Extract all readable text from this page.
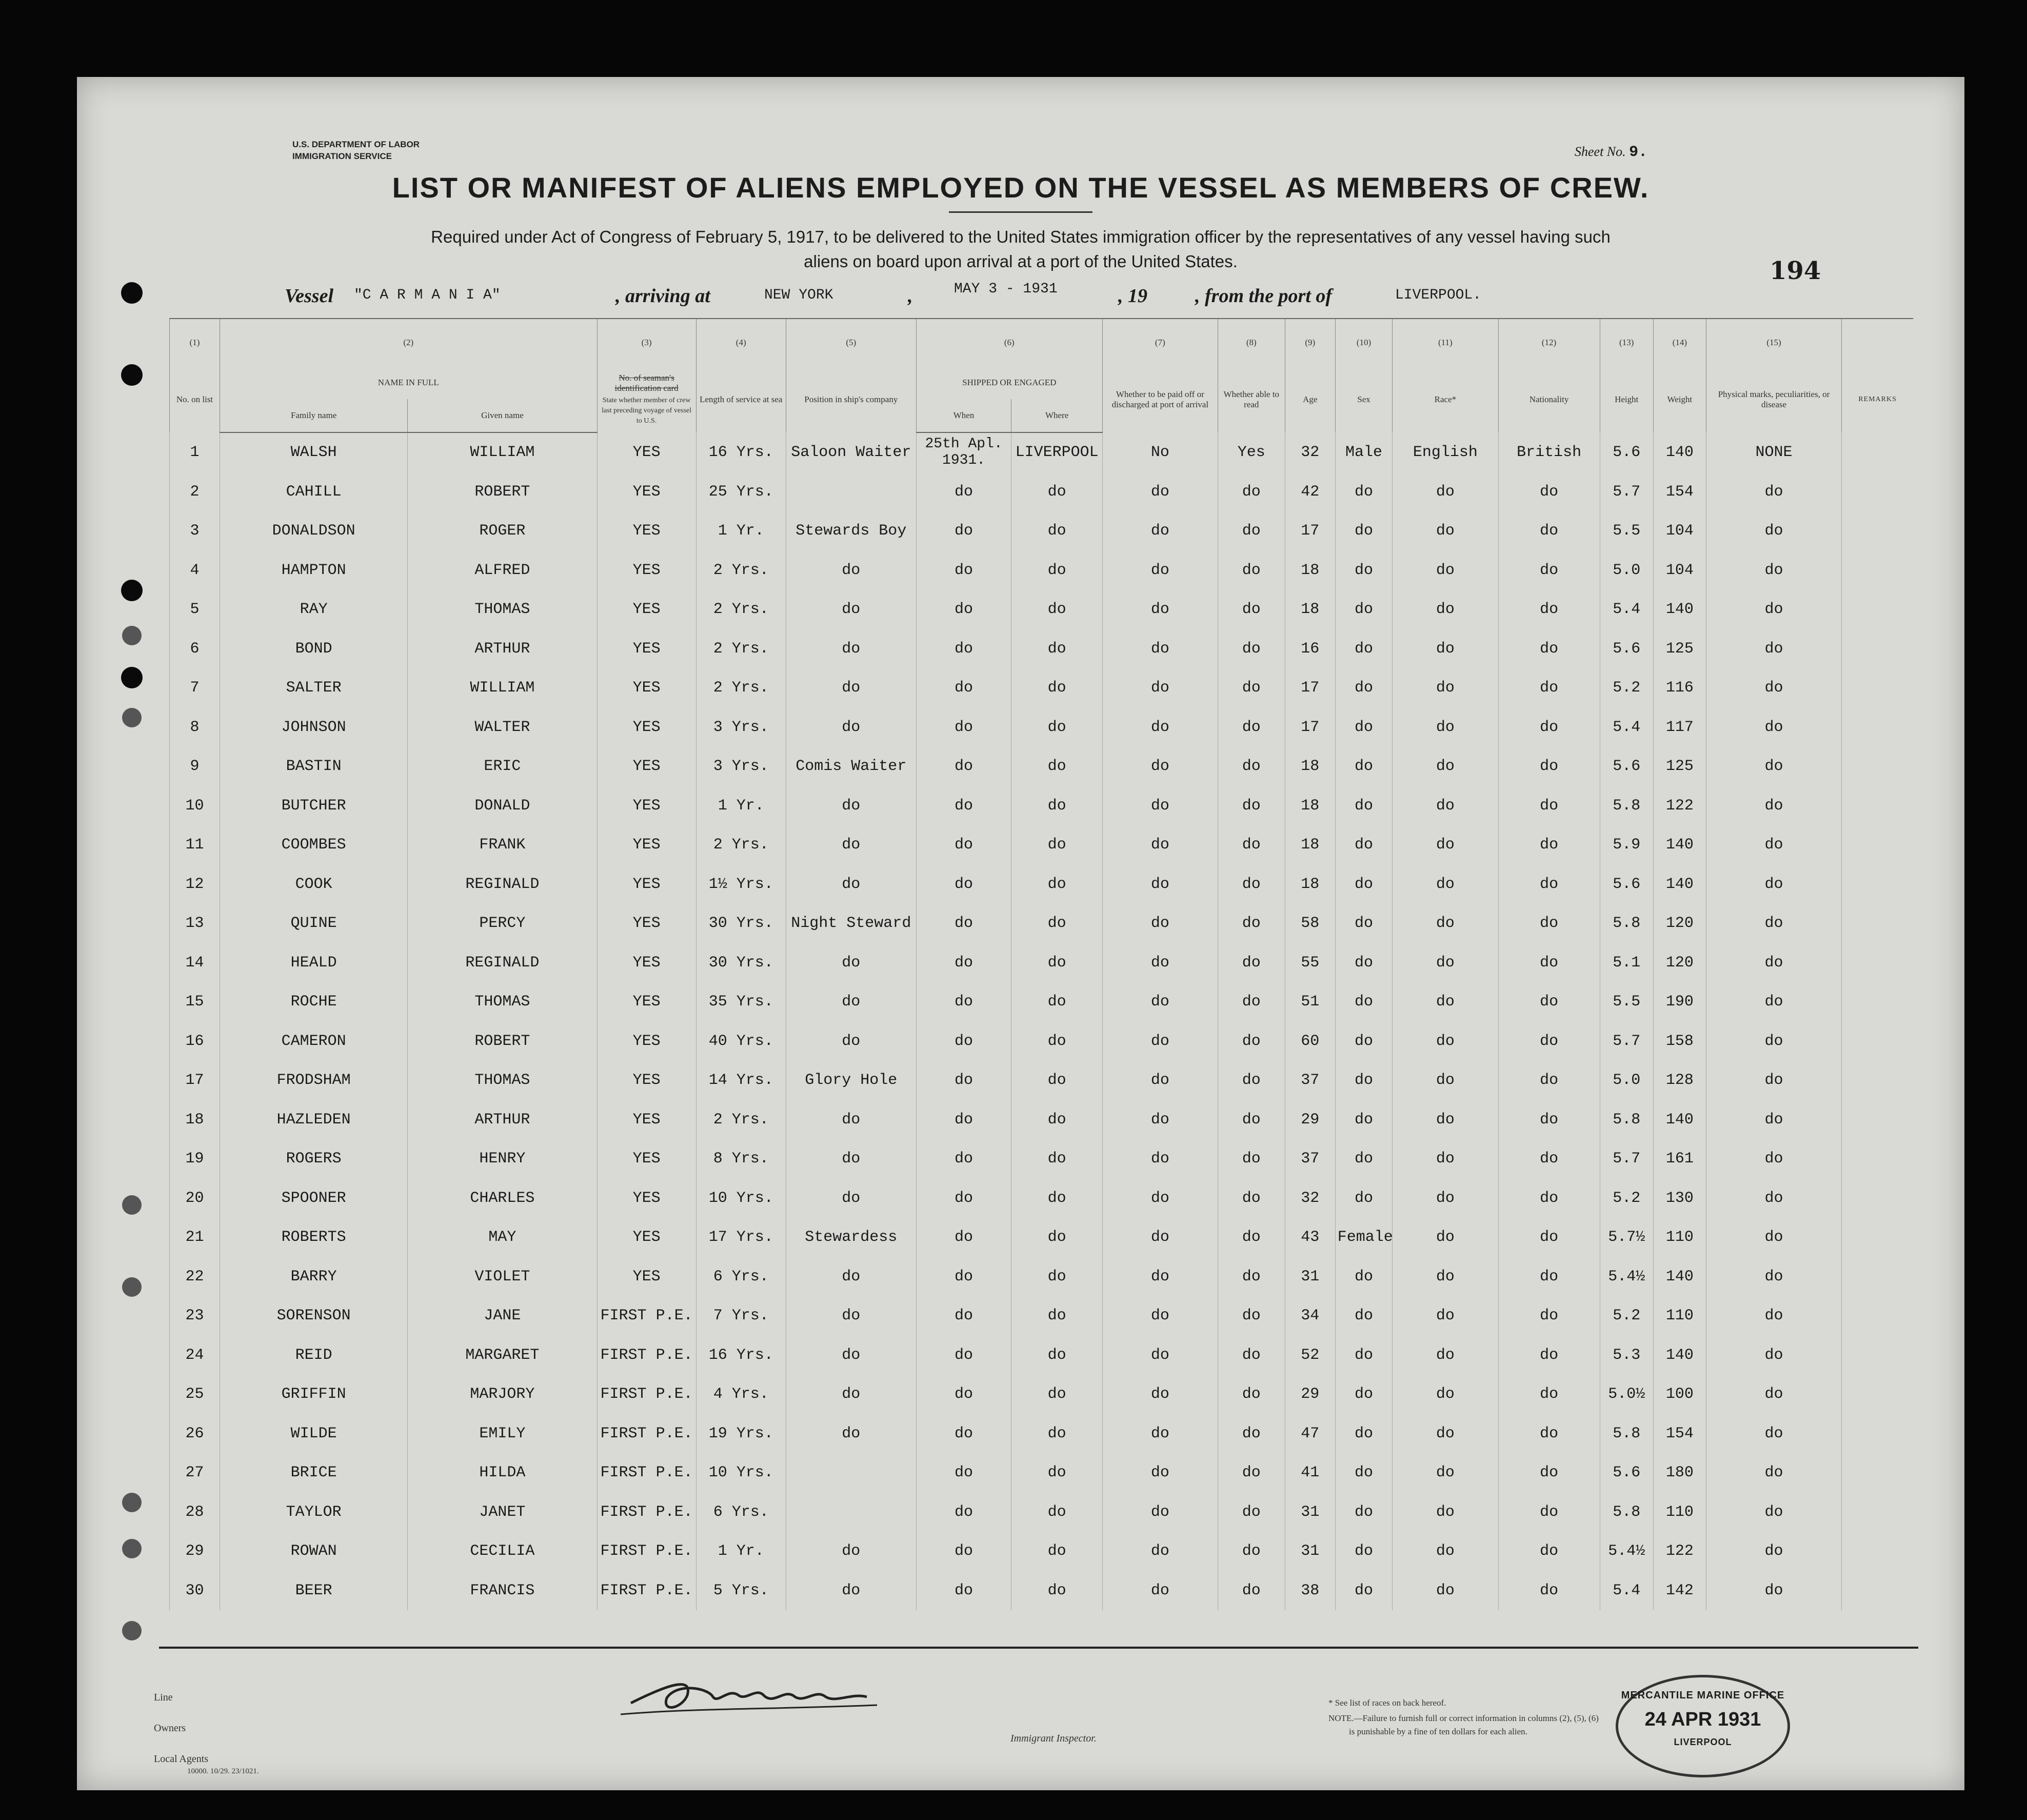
U.S. DEPARTMENT OF LABOR
IMMIGRATION SERVICE	Sheet No. 9.
LIST OR MANIFEST OF ALIENS EMPLOYED ON THE VESSEL AS MEMBERS OF CREW.
Required under Act of Congress of February 5, 1917, to be delivered to the United States immigration officer by the representatives of any vessel having such
aliens on board upon arrival at a port of the United States.	194
Vessel "C A R M A N I A"	, arriving at	NEW YORK	,	MAY 3 - 1931	, 19 , from the port of	LIVERPOOL.
(1)	(2)		(3)	(4)	(5)	(6)		(7)	(8)	(9)	(10)	(11)	(12)	(13)	(14)	(15)	
No. on list	NAME IN FULL		No. of seaman's identification card
State whether member of crew last preceding voyage of vessel to U.S.	Length of service at sea	Position in ship's company	SHIPPED OR ENGAGED		Whether to be paid off or discharged at port of arrival	Whether able to read	Age	Sex	Race*	Nationality	Height	Weight	Physical marks, peculiarities, or disease	REMARKS
	Family name	Given name				When	Where										
1	WALSH	WILLIAM	YES	16 Yrs.	Saloon Waiter	25th Apl.
1931.	LIVERPOOL	No	Yes	32	Male	English	British	5.6	140	NONE	
2	CAHILL	ROBERT	YES	25 Yrs.		do	do	do	do	42	do	do	do	5.7	154	do	
3	DONALDSON	ROGER	YES	1 Yr.	Stewards Boy	do	do	do	do	17	do	do	do	5.5	104	do	
4	HAMPTON	ALFRED	YES	2 Yrs.	do	do	do	do	do	18	do	do	do	5.0	104	do	
5	RAY	THOMAS	YES	2 Yrs.	do	do	do	do	do	18	do	do	do	5.4	140	do	
6	BOND	ARTHUR	YES	2 Yrs.	do	do	do	do	do	16	do	do	do	5.6	125	do	
7	SALTER	WILLIAM	YES	2 Yrs.	do	do	do	do	do	17	do	do	do	5.2	116	do	
8	JOHNSON	WALTER	YES	3 Yrs.	do	do	do	do	do	17	do	do	do	5.4	117	do	
9	BASTIN	ERIC	YES	3 Yrs.	Comis Waiter	do	do	do	do	18	do	do	do	5.6	125	do	
10	BUTCHER	DONALD	YES	1 Yr.	do	do	do	do	do	18	do	do	do	5.8	122	do	
11	COOMBES	FRANK	YES	2 Yrs.	do	do	do	do	do	18	do	do	do	5.9	140	do	
12	COOK	REGINALD	YES	1½ Yrs.	do	do	do	do	do	18	do	do	do	5.6	140	do	
13	QUINE	PERCY	YES	30 Yrs.	Night Steward	do	do	do	do	58	do	do	do	5.8	120	do	
14	HEALD	REGINALD	YES	30 Yrs.	do	do	do	do	do	55	do	do	do	5.1	120	do	
15	ROCHE	THOMAS	YES	35 Yrs.	do	do	do	do	do	51	do	do	do	5.5	190	do	
16	CAMERON	ROBERT	YES	40 Yrs.	do	do	do	do	do	60	do	do	do	5.7	158	do	
17	FRODSHAM	THOMAS	YES	14 Yrs.	Glory Hole	do	do	do	do	37	do	do	do	5.0	128	do	
18	HAZLEDEN	ARTHUR	YES	2 Yrs.	do	do	do	do	do	29	do	do	do	5.8	140	do	
19	ROGERS	HENRY	YES	8 Yrs.	do	do	do	do	do	37	do	do	do	5.7	161	do	
20	SPOONER	CHARLES	YES	10 Yrs.	do	do	do	do	do	32	do	do	do	5.2	130	do	
21	ROBERTS	MAY	YES	17 Yrs.	Stewardess	do	do	do	do	43	Female	do	do	5.7½	110	do	
22	BARRY	VIOLET	YES	6 Yrs.	do	do	do	do	do	31	do	do	do	5.4½	140	do	
23	SORENSON	JANE	FIRST P.E.	7 Yrs.	do	do	do	do	do	34	do	do	do	5.2	110	do	
24	REID	MARGARET	FIRST P.E.	16 Yrs.	do	do	do	do	do	52	do	do	do	5.3	140	do	
25	GRIFFIN	MARJORY	FIRST P.E.	4 Yrs.	do	do	do	do	do	29	do	do	do	5.0½	100	do	
26	WILDE	EMILY	FIRST P.E.	19 Yrs.	do	do	do	do	do	47	do	do	do	5.8	154	do	
27	BRICE	HILDA	FIRST P.E.	10 Yrs.		do	do	do	do	41	do	do	do	5.6	180	do	
28	TAYLOR	JANET	FIRST P.E.	6 Yrs.		do	do	do	do	31	do	do	do	5.8	110	do	
29	ROWAN	CECILIA	FIRST P.E.	1 Yr.	do	do	do	do	do	31	do	do	do	5.4½	122	do	
30	BEER	FRANCIS	FIRST P.E.	5 Yrs.	do	do	do	do	do	38	do	do	do	5.4	142	do	
Line
Owners
Local Agents
10000. 10/29. 23/1021.
Immigrant Inspector.
* See list of races on back hereof.
NOTE.—Failure to furnish full or correct information in columns (2), (5), (6)
is punishable by a fine of ten dollars for each alien.
MERCANTILE MARINE OFFICE
24 APR 1931
LIVERPOOL
